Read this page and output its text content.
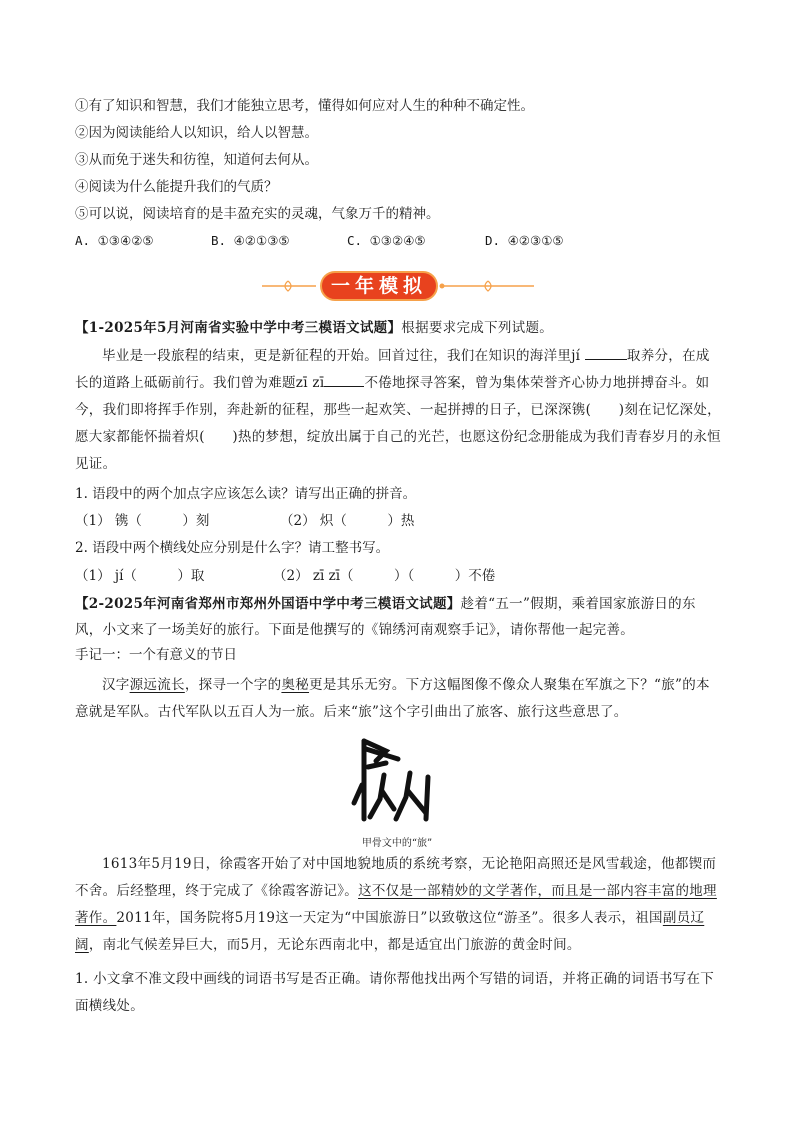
①有了知识和智慧，我们才能独立思考，懂得如何应对人生的种种不确定性。
②因为阅读能给人以知识，给人以智慧。
③从而免于迷失和彷徨，知道何去何从。
④阅读为什么能提升我们的气质？
⑤可以说，阅读培育的是丰盈充实的灵魂，气象万千的精神。
A. ①③④②⑤	B. ④②①③⑤	C. ①③②④⑤	D. ④②③①⑤
一年模拟
【1-2025年5月河南省实验中学中考三模语文试题】根据要求完成下列试题。
毕业是一段旅程的结束，更是新征程的开始。回首过往，我们在知识的海洋里jí	取养分，在成长的道路上砥砺前行。我们曾为难题zī zī	不倦地探寻答案，曾为集体荣誉齐心协力地拼搏奋斗。如今，我们即将挥手作别，奔赴新的征程，那些一起欢笑、一起拼搏的日子，已深深镌(　　)刻在记忆深处，愿大家都能怀揣着炽(　　)热的梦想，绽放出属于自己的光芒，也愿这份纪念册能成为我们青春岁月的永恒见证。
1. 语段中的两个加点字应该怎么读？请写出正确的拼音。
（1） 镌（　　　）刻	（2） 炽（　　　）热
2. 语段中两个横线处应分别是什么字？请工整书写。
（1） jí（　　　）取	（2） zī zī（　　　）（　　　）不倦
【2-2025年河南省郑州市郑州外国语中学中考三模语文试题】趁着“五一”假期，乘着国家旅游日的东风，小文来了一场美好的旅行。下面是他撰写的《锦绣河南观察手记》，请你帮他一起完善。
手记一：一个有意义的节日
汉字源远流长，探寻一个字的奥秘更是其乐无穷。下方这幅图像不像众人聚集在军旗之下？“旅”的本意就是军队。古代军队以五百人为一旅。后来“旅”这个字引曲出了旅客、旅行这些意思了。
甲骨文中的“旅”
1613年5月19日，徐霞客开始了对中国地貌地质的系统考察，无论艳阳高照还是风雪载途，他都锲而不舍。后经整理，终于完成了《徐霞客游记》。这不仅是一部精妙的文学著作，而且是一部内容丰富的地理著作。2011年，国务院将5月19这一天定为“中国旅游日”以致敬这位“游圣”。很多人表示，祖国副员辽阔，南北气候差异巨大，而5月，无论东西南北中，都是适宜出门旅游的黄金时间。
1. 小文拿不准文段中画线的词语书写是否正确。请你帮他找出两个写错的词语，并将正确的词语书写在下面横线处。
